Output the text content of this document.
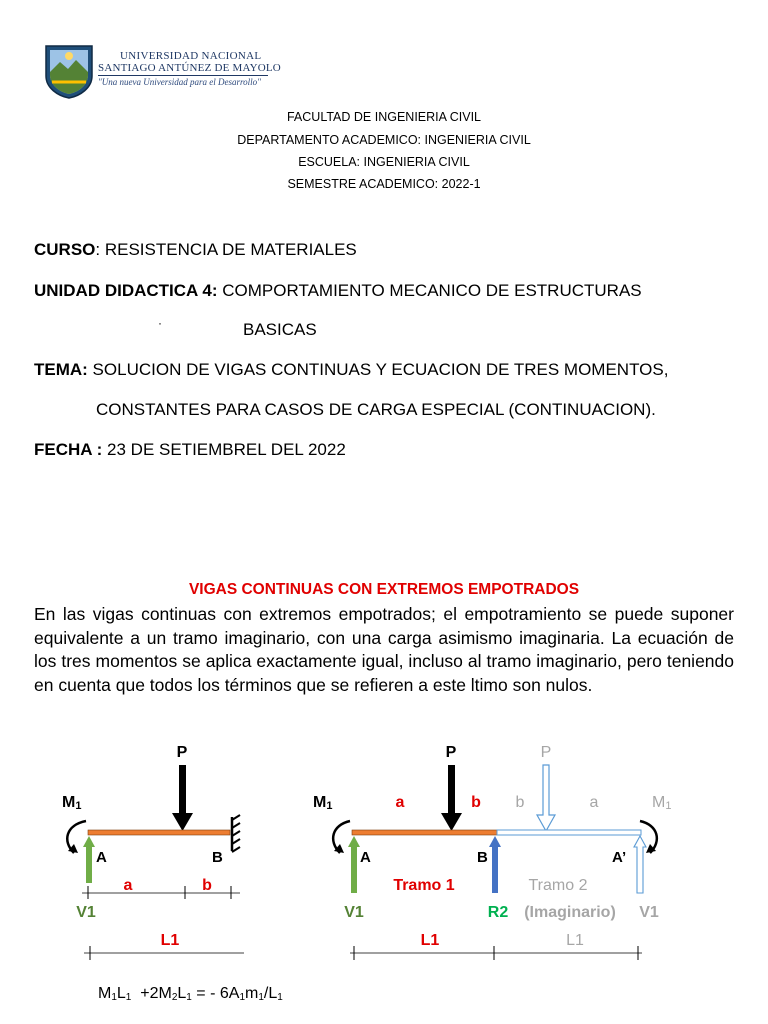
UNIVERSIDAD NACIONAL
SANTIAGO ANTÚNEZ DE MAYOLO
"Una nueva Universidad para el Desarrollo"
FACULTAD DE INGENIERIA CIVIL
DEPARTAMENTO ACADEMICO: INGENIERIA CIVIL
ESCUELA: INGENIERIA CIVIL
SEMESTRE ACADEMICO: 2022-1
CURSO: RESISTENCIA DE MATERIALES
UNIDAD DIDACTICA 4: COMPORTAMIENTO MECANICO DE ESTRUCTURAS
·	BASICAS
TEMA: SOLUCION DE VIGAS CONTINUAS Y ECUACION DE TRES MOMENTOS,
CONSTANTES PARA CASOS DE CARGA ESPECIAL (CONTINUACION).
FECHA : 23 DE SETIEMBREL DEL 2022
VIGAS CONTINUAS CON EXTREMOS EMPOTRADOS
En las vigas continuas con extremos empotrados; el empotramiento se puede suponer equivalente a un tramo imaginario, con una carga asimismo imaginaria. La ecuación de los tres momentos se aplica exactamente igual, incluso al tramo imaginario, pero teniendo en cuenta que todos los términos que se refieren a este ltimo son nulos.
P
M1
A	B
a	b
V1
L1
P	P
M1	M1
a	b b	a
A	B	A’
Tramo 1	Tramo 2
V1	R2 (Imaginario) V1
L1	L1
$M_1L_1 +2M_2L_1$ = - $6A_1m_1/L_1$
